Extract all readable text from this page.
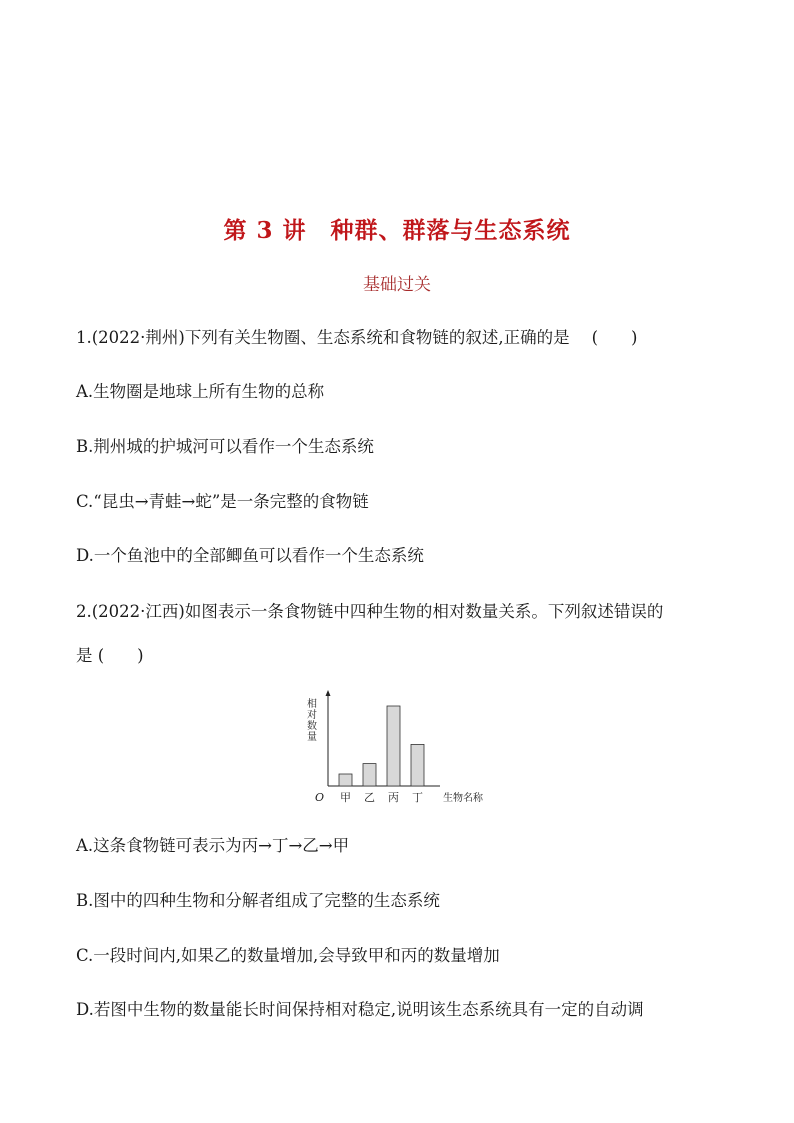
第 3 讲　种群、群落与生态系统
基础过关
1.(2022·荆州)下列有关生物圈、生态系统和食物链的叙述,正确的是 (　　)
A.生物圈是地球上所有生物的总称
B.荆州城的护城河可以看作一个生态系统
C.“昆虫→青蛙→蛇”是一条完整的食物链
D.一个鱼池中的全部鲫鱼可以看作一个生态系统
2.(2022·江西)如图表示一条食物链中四种生物的相对数量关系。下列叙述错误的
是 (　　)
相对数量
O	生物名称
甲 乙 丙 丁
A.这条食物链可表示为丙→丁→乙→甲
B.图中的四种生物和分解者组成了完整的生态系统
C.一段时间内,如果乙的数量增加,会导致甲和丙的数量增加
D.若图中生物的数量能长时间保持相对稳定,说明该生态系统具有一定的自动调
